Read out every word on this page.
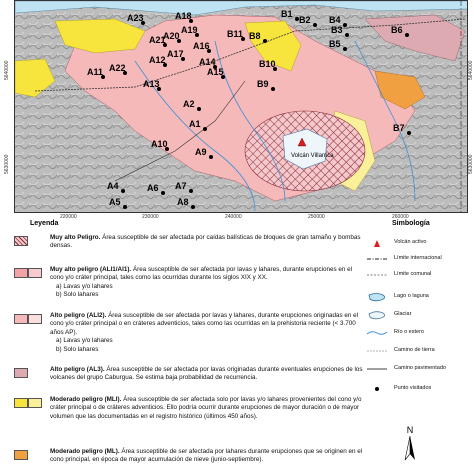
Volcán Villarrica
A23	A18
A21
A20
A19
A17
A16
A12
A11 A22
A14
A15
A13
A2
A1
A10
A9
A4	A6 A7
A5	A8
B11 B8
B10
B9
B1
B2 B4
B3
B5
B6
B7
5640000
5630000
5640000
5630000
220000	230000	240000	250000	260000
Leyenda
Muy alto Peligro. Área susceptible de ser afectada por caídas balísticas de bloques de gran tamaño y bombas densas.
Muy alto peligro (ALI1/AI1). Área susceptible de ser afectada por lavas y lahares, durante erupciones en el cono y/o cráter principal, tales como las ocurridas durante los siglos XIX y XX.
a) Lavas y/o lahares
b) Solo lahares
Alto peligro (ALI2). Área susceptible de ser afectada por lavas y lahares, durante erupciones originadas en el cono y/o cráter principal o en cráteres adventicios, tales como las ocurridas en la prehistoria reciente (< 3.700 años AP).
a) Lavas y/o lahares
b) Solo lahares
Alto peligro (AL3). Área susceptible de ser afectada por lavas originadas durante eventuales erupciones de los volcanes del grupo Caburgua. Se estima baja probabilidad de recurrencia.
Moderado peligro (MLI). Área susceptible de ser afectada solo por lavas y/o lahares provenientes del cono y/o cráter principal o de cráteres adventicios. Ello podría ocurrir durante erupciones de mayor duración o de mayor volumen que las documentadas en el registro histórico (últimos 450 años).
Moderado peligro (ML). Área susceptible de ser afectada por lahares durante erupciones que se originen en el cono principal, en época de mayor acumulación de nieve (junio-septiembre).
Simbología
Volcán activo
Límite internacional
Límite comunal
Lago o laguna
Glaciar
Río o estero
Camino de tierra
Camino pavimentado
Punto visitados
N
